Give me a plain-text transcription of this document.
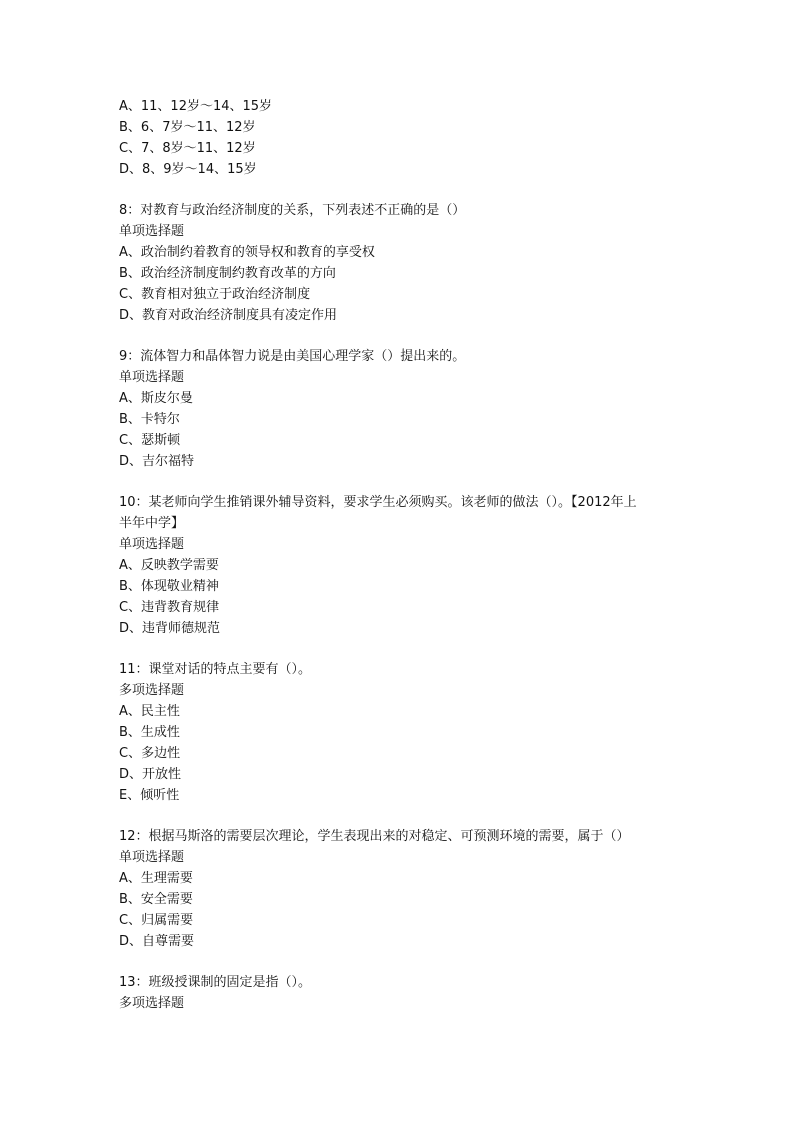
A、11、12岁～14、15岁
B、6、7岁～11、12岁
C、7、8岁～11、12岁
D、8、9岁～14、15岁
8：对教育与政治经济制度的关系，下列表述不正确的是（）
单项选择题
A、政治制约着教育的领导权和教育的享受权
B、政治经济制度制约教育改革的方向
C、教育相对独立于政治经济制度
D、教育对政治经济制度具有凌定作用
9：流体智力和晶体智力说是由美国心理学家（）提出来的。
单项选择题
A、斯皮尔曼
B、卡特尔
C、瑟斯顿
D、吉尔福特
10：某老师向学生推销课外辅导资料，要求学生必须购买。该老师的做法（）。【2012年上
半年中学】
单项选择题
A、反映教学需要
B、体现敬业精神
C、违背教育规律
D、违背师德规范
11：课堂对话的特点主要有（）。
多项选择题
A、民主性
B、生成性
C、多边性
D、开放性
E、倾听性
12：根据马斯洛的需要层次理论，学生表现出来的对稳定、可预测环境的需要，属于（）
单项选择题
A、生理需要
B、安全需要
C、归属需要
D、自尊需要
13：班级授课制的固定是指（）。
多项选择题
